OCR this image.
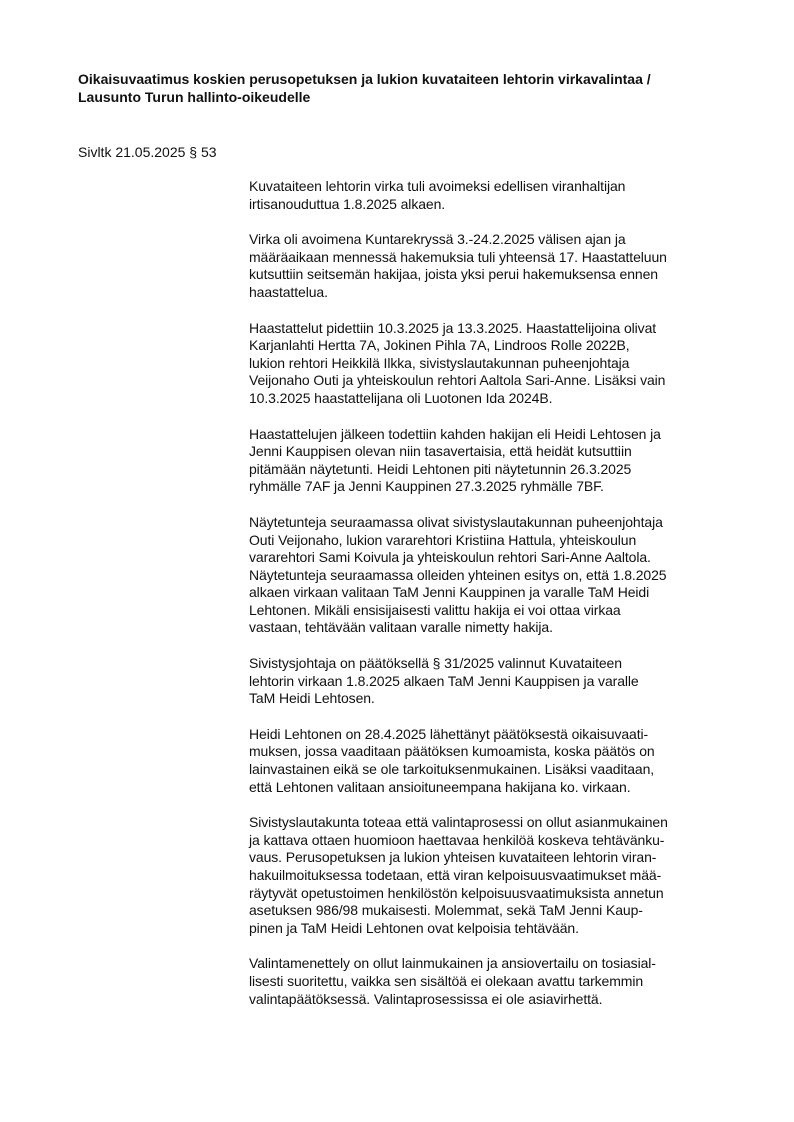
Oikaisuvaatimus koskien perusopetuksen ja lukion kuvataiteen lehtorin virkavalintaa /
Lausunto Turun hallinto-oikeudelle

Sivltk 21.05.2025 § 53

Kuvataiteen lehtorin virka tuli avoimeksi edellisen viranhaltijan
irtisanouduttua 1.8.2025 alkaen.

Virka oli avoimena Kuntarekryssä 3.-24.2.2025 välisen ajan ja
määräaikaan mennessä hakemuksia tuli yhteensä 17. Haastatteluun
kutsuttiin seitsemän hakijaa, joista yksi perui hakemuksensa ennen
haastattelua.

Haastattelut pidettiin 10.3.2025 ja 13.3.2025. Haastattelijoina olivat
Karjanlahti Hertta 7A, Jokinen Pihla 7A, Lindroos Rolle 2022B,
lukion rehtori Heikkilä Ilkka, sivistyslautakunnan puheenjohtaja
Veijonaho Outi ja yhteiskoulun rehtori Aaltola Sari-Anne. Lisäksi vain
10.3.2025 haastattelijana oli Luotonen Ida 2024B.

Haastattelujen jälkeen todettiin kahden hakijan eli Heidi Lehtosen ja
Jenni Kauppisen olevan niin tasavertaisia, että heidät kutsuttiin
pitämään näytetunti. Heidi Lehtonen piti näytetunnin 26.3.2025
ryhmälle 7AF ja Jenni Kauppinen 27.3.2025 ryhmälle 7BF.

Näytetunteja seuraamassa olivat sivistyslautakunnan puheenjohtaja
Outi Veijonaho, lukion vararehtori Kristiina Hattula, yhteiskoulun
vararehtori Sami Koivula ja yhteiskoulun rehtori Sari-Anne Aaltola.
Näytetunteja seuraamassa olleiden yhteinen esitys on, että 1.8.2025
alkaen virkaan valitaan TaM Jenni Kauppinen ja varalle TaM Heidi
Lehtonen. Mikäli ensisijaisesti valittu hakija ei voi ottaa virkaa
vastaan, tehtävään valitaan varalle nimetty hakija.

Sivistysjohtaja on päätöksellä § 31/2025 valinnut Kuvataiteen
lehtorin virkaan 1.8.2025 alkaen TaM Jenni Kauppisen ja varalle
TaM Heidi Lehtosen.

Heidi Lehtonen on 28.4.2025 lähettänyt päätöksestä oikaisuvaati-
muksen, jossa vaaditaan päätöksen kumoamista, koska päätös on
lainvastainen eikä se ole tarkoituksenmukainen. Lisäksi vaaditaan,
että Lehtonen valitaan ansioituneempana hakijana ko. virkaan.

Sivistyslautakunta toteaa että valintaprosessi on ollut asianmukainen
ja kattava ottaen huomioon haettavaa henkilöä koskeva tehtävänku-
vaus. Perusopetuksen ja lukion yhteisen kuvataiteen lehtorin viran-
hakuilmoituksessa todetaan, että viran kelpoisuusvaatimukset mää-
räytyvät opetustoimen henkilöstön kelpoisuusvaatimuksista annetun
asetuksen 986/98 mukaisesti. Molemmat, sekä TaM Jenni Kaup-
pinen ja TaM Heidi Lehtonen ovat kelpoisia tehtävään.

Valintamenettely on ollut lainmukainen ja ansiovertailu on tosiasial-
lisesti suoritettu, vaikka sen sisältöä ei olekaan avattu tarkemmin
valintapäätöksessä. Valintaprosessissa ei ole asiavirhettä.
